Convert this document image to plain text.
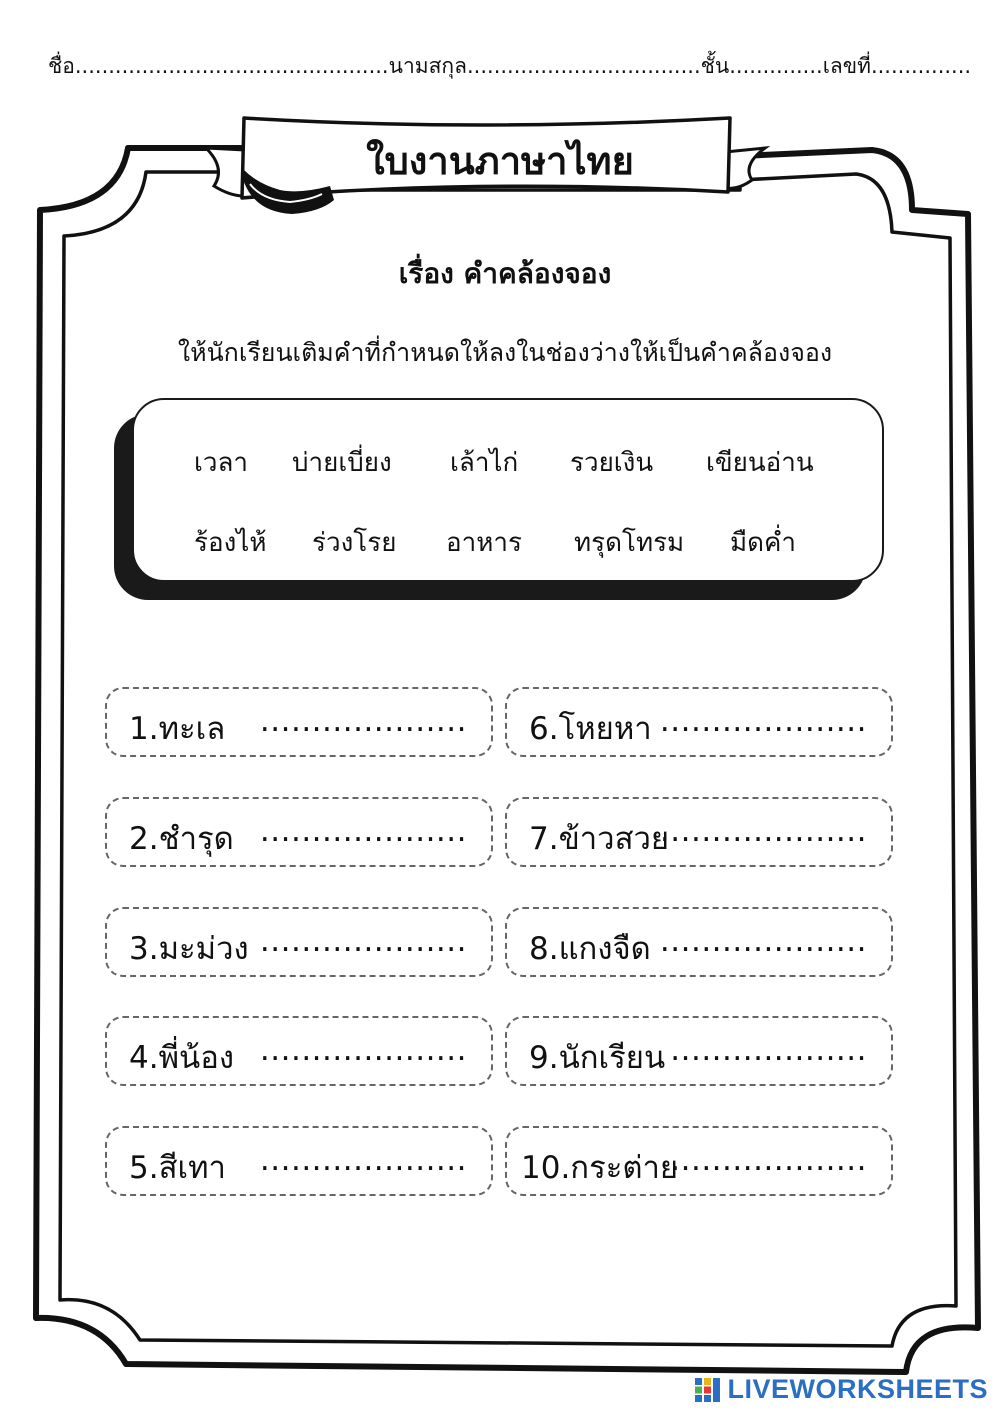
ชื่อ...............................................นามสกุล...................................ชั้น..............เลขที่...............
ใบงานภาษาไทย
เรื่อง คำคล้องจอง
ให้นักเรียนเติมคำที่กำหนดให้ลงในช่องว่างให้เป็นคำคล้องจอง
เวลา บ่ายเบี่ยง เล้าไก่ รวยเงิน เขียนอ่าน
ร้องไห้ ร่วงโรย อาหาร ทรุดโทรม มืดค่ำ
1.ทะเล ....................
2.ชำรุด ....................
3.มะม่วง ....................
4.พี่น้อง ....................
5.สีเทา ....................
6.โหยหา ....................
7.ข้าวสวย
....................
8.แกงจืด ....................
9.นักเรียน ...................
10.กระต่าย
...................
LIVEWORKSHEETS
